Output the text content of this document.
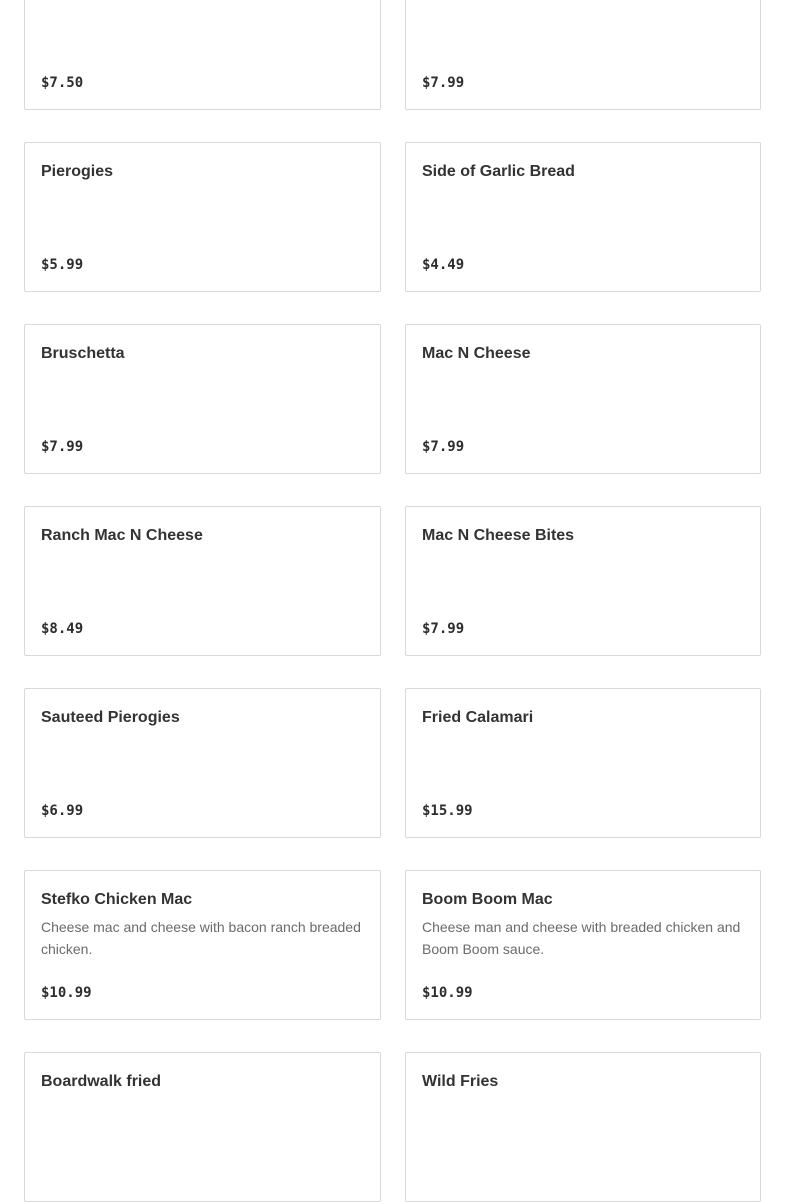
$7.50	$7.99
Pierogies
$5.99
Side of Garlic Bread
$4.49
Bruschetta
$7.99
Mac N Cheese
$7.99
Ranch Mac N Cheese
$8.49
Mac N Cheese Bites
$7.99
Sauteed Pierogies
$6.99
Fried Calamari
$15.99
Stefko Chicken Mac
Cheese mac and cheese with bacon ranch breaded chicken.
$10.99
Boom Boom Mac
Cheese man and cheese with breaded chicken and Boom Boom sauce.
$10.99
Boardwalk fried	Wild Fries
